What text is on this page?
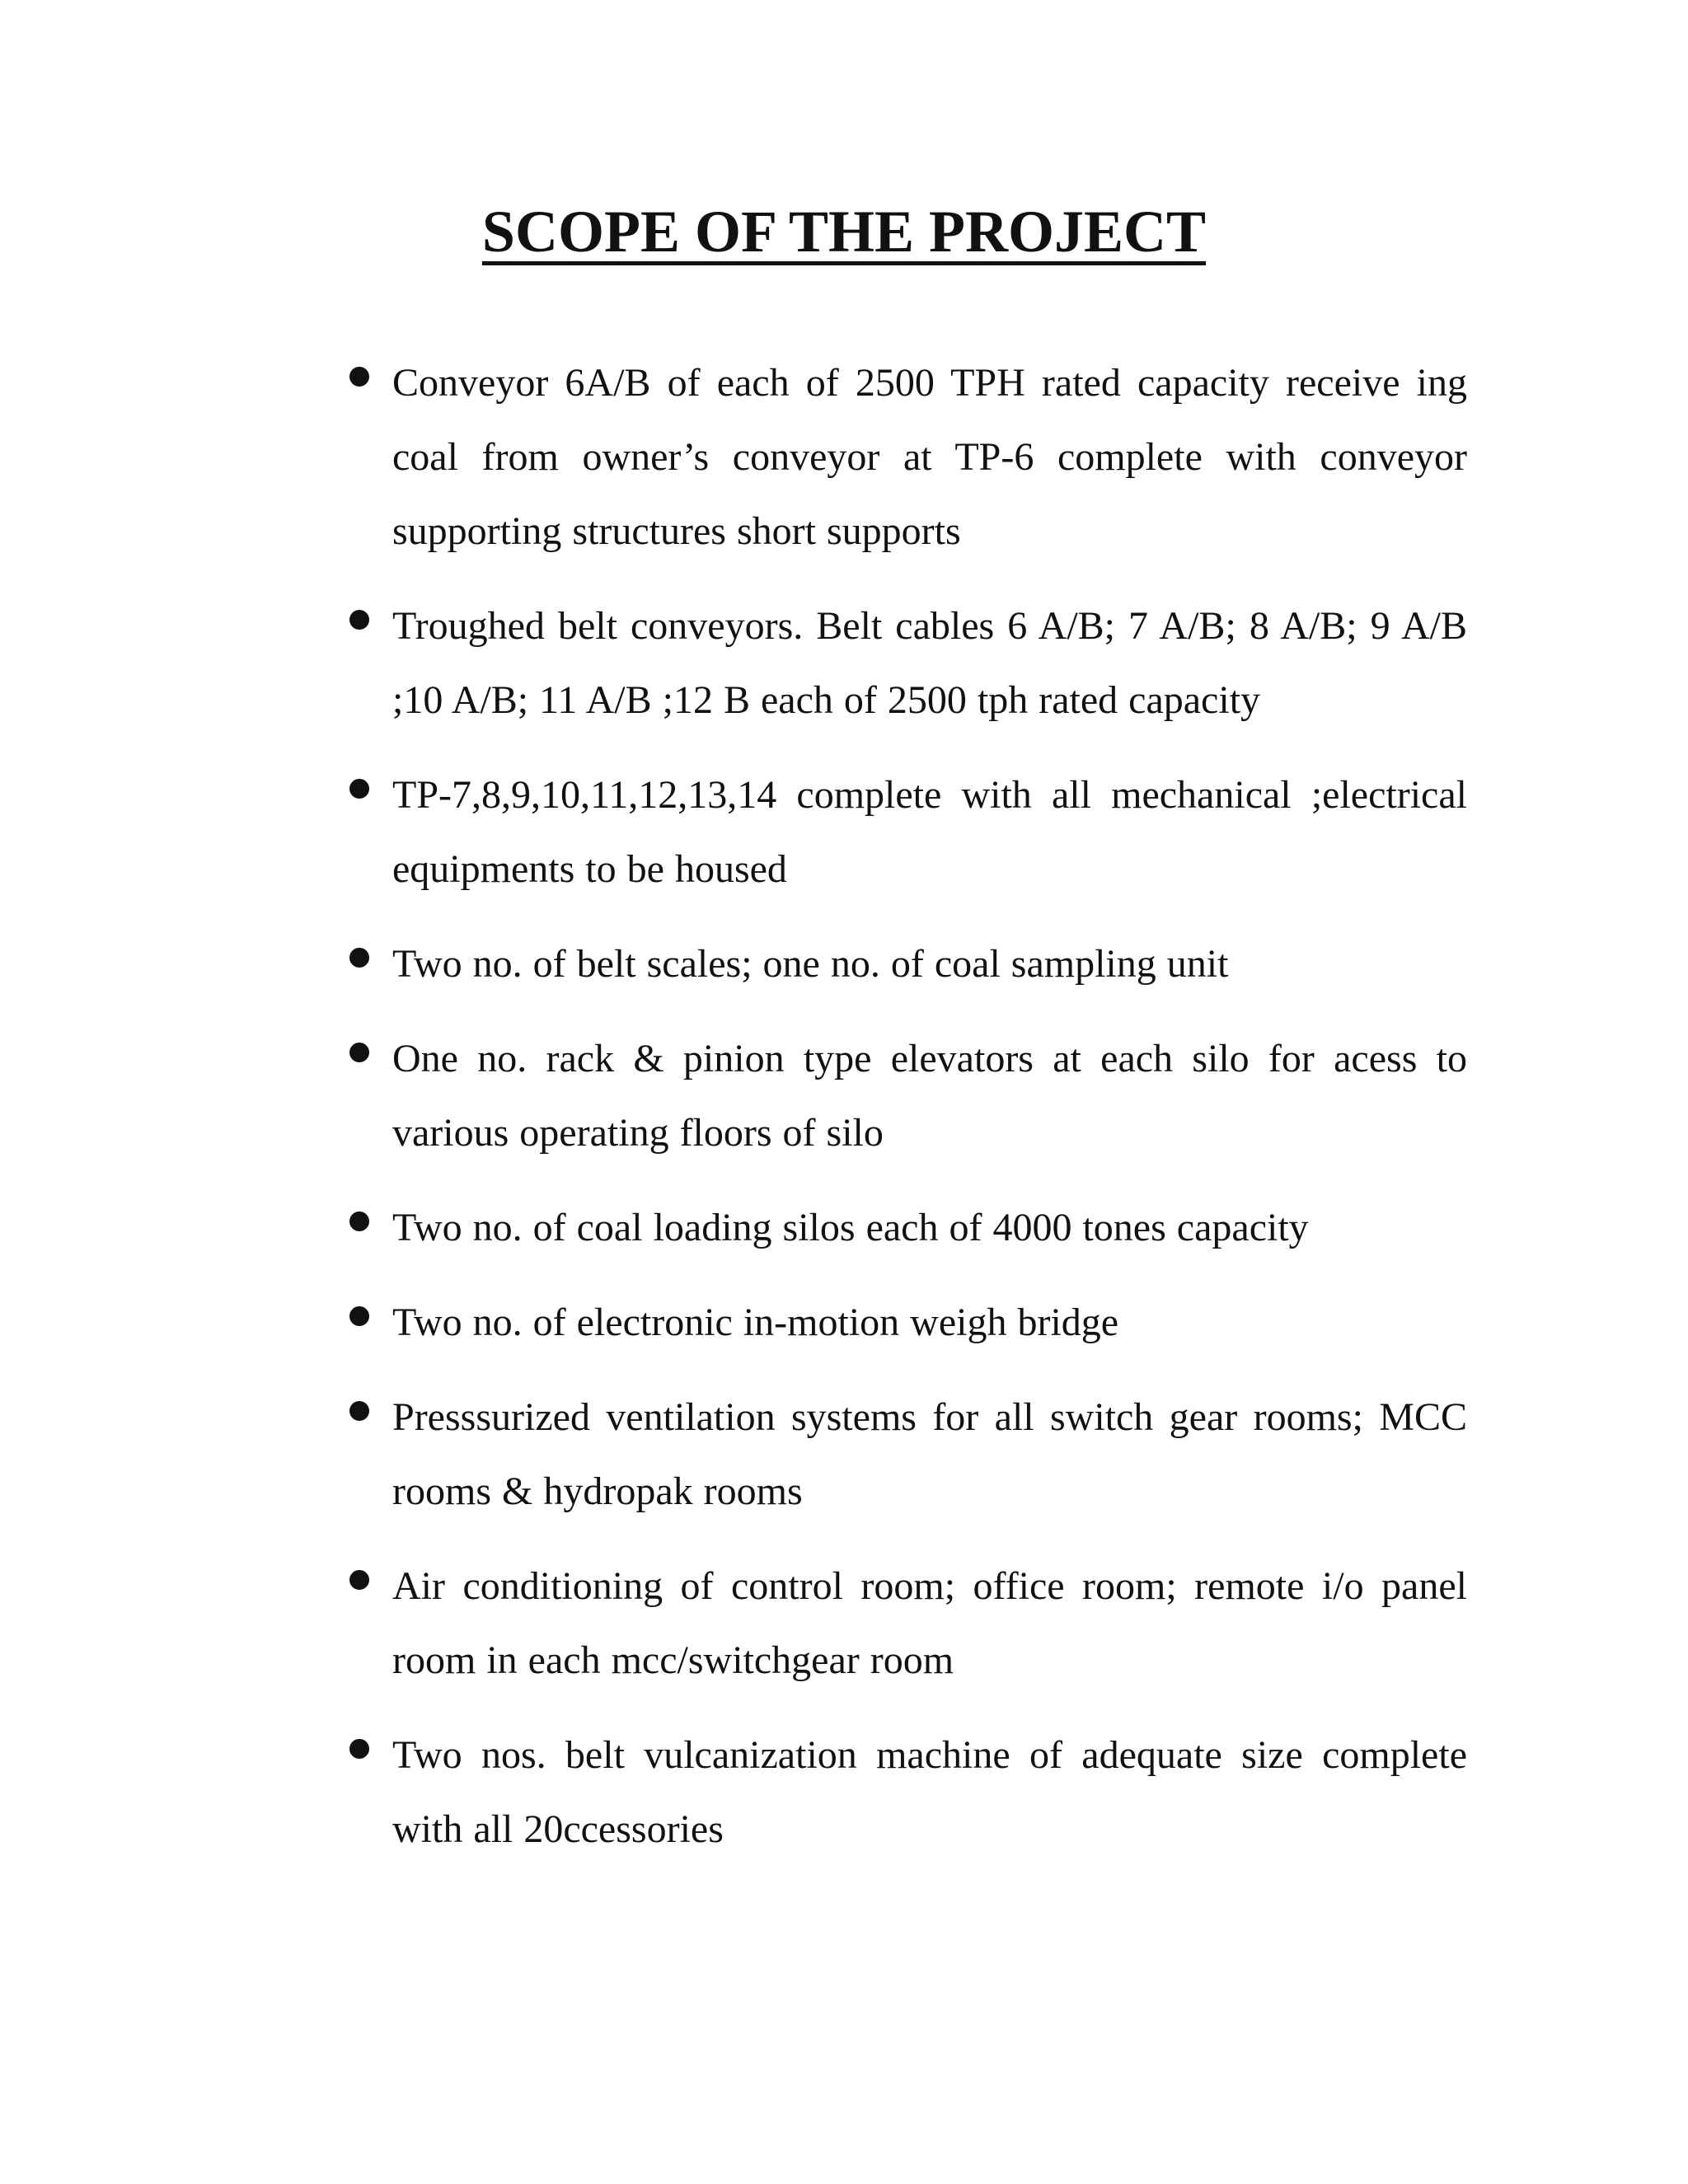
SCOPE OF THE PROJECT
Conveyor 6A/B of each of 2500 TPH rated capacity receive ing coal from owner’s conveyor at TP-6 complete with conveyor supporting structures short supports
Troughed belt conveyors. Belt cables 6 A/B; 7 A/B; 8 A/B; 9 A/B ;10 A/B; 11 A/B ;12 B each of 2500 tph rated capacity
TP-7,8,9,10,11,12,13,14 complete with all mechanical ;electrical equipments to be housed
Two no. of belt scales; one no. of coal sampling unit
One no. rack & pinion type elevators at each silo for acess to various operating floors of silo
Two no. of coal loading silos each of 4000 tones capacity
Two no. of electronic in-motion weigh bridge
Presssurized ventilation systems for all switch gear rooms; MCC rooms & hydropak rooms
Air conditioning of control room; office room; remote i/o panel room in each mcc/switchgear room
Two nos. belt vulcanization machine of adequate size complete with all 20ccessories
